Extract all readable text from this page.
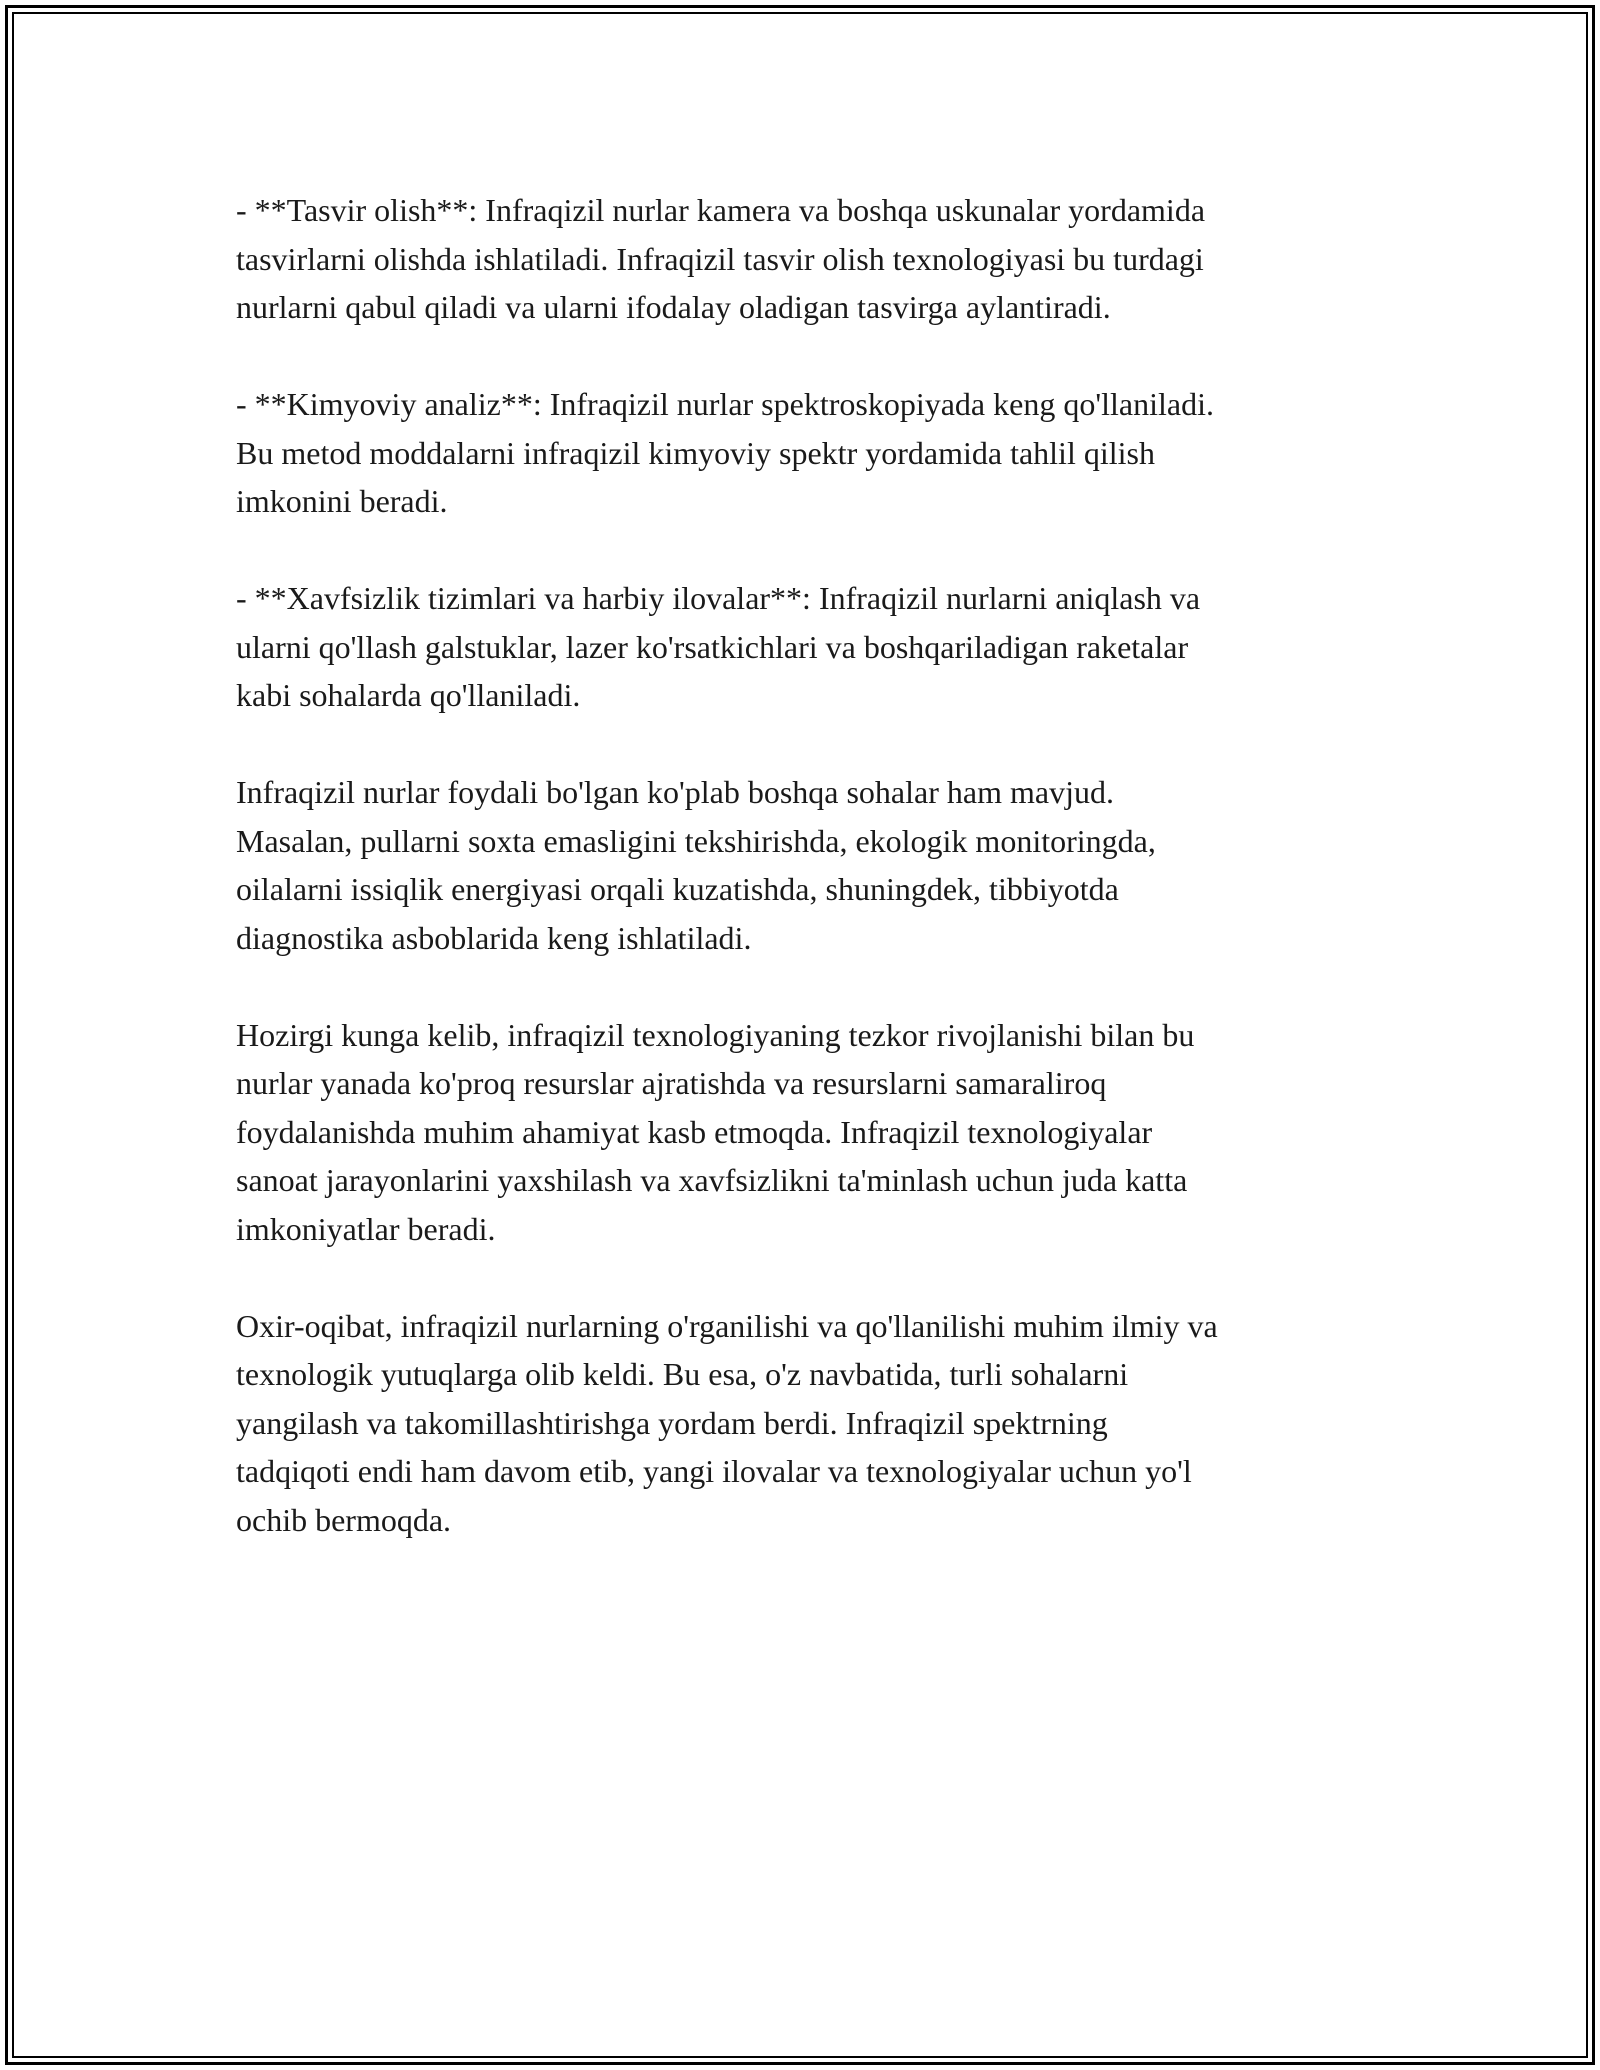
- **Tasvir olish**: Infraqizil nurlar kamera va boshqa uskunalar yordamida
tasvirlarni olishda ishlatiladi. Infraqizil tasvir olish texnologiyasi bu turdagi
nurlarni qabul qiladi va ularni ifodalay oladigan tasvirga aylantiradi.

- **Kimyoviy analiz**: Infraqizil nurlar spektroskopiyada keng qo'llaniladi.
Bu metod moddalarni infraqizil kimyoviy spektr yordamida tahlil qilish
imkonini beradi.

- **Xavfsizlik tizimlari va harbiy ilovalar**: Infraqizil nurlarni aniqlash va
ularni qo'llash galstuklar, lazer ko'rsatkichlari va boshqariladigan raketalar
kabi sohalarda qo'llaniladi.

Infraqizil nurlar foydali bo'lgan ko'plab boshqa sohalar ham mavjud.
Masalan, pullarni soxta emasligini tekshirishda, ekologik monitoringda,
oilalarni issiqlik energiyasi orqali kuzatishda, shuningdek, tibbiyotda
diagnostika asboblarida keng ishlatiladi.

Hozirgi kunga kelib, infraqizil texnologiyaning tezkor rivojlanishi bilan bu
nurlar yanada ko'proq resurslar ajratishda va resurslarni samaraliroq
foydalanishda muhim ahamiyat kasb etmoqda. Infraqizil texnologiyalar
sanoat jarayonlarini yaxshilash va xavfsizlikni ta'minlash uchun juda katta
imkoniyatlar beradi.

Oxir-oqibat, infraqizil nurlarning o'rganilishi va qo'llanilishi muhim ilmiy va
texnologik yutuqlarga olib keldi. Bu esa, o'z navbatida, turli sohalarni
yangilash va takomillashtirishga yordam berdi. Infraqizil spektrning
tadqiqoti endi ham davom etib, yangi ilovalar va texnologiyalar uchun yo'l
ochib bermoqda.
